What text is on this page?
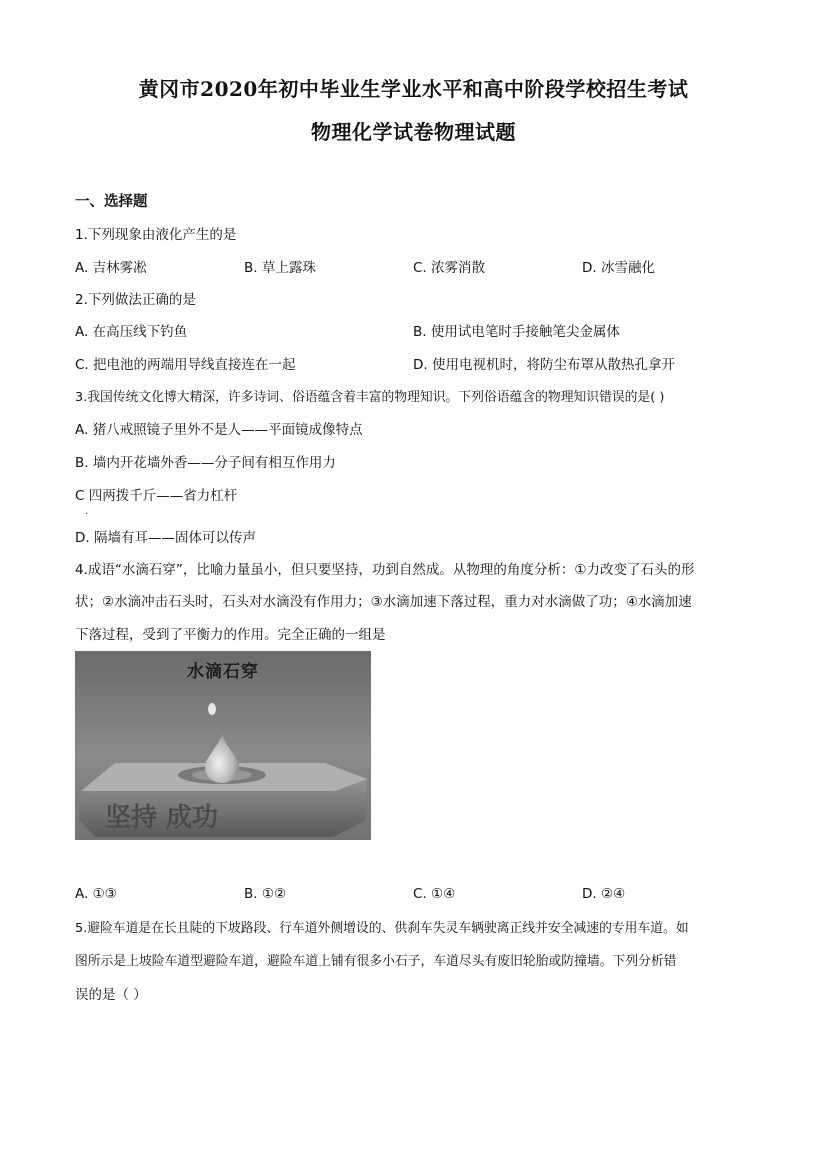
黄冈市2020年初中毕业生学业水平和高中阶段学校招生考试
物理化学试卷物理试题
一、选择题
1.下列现象由液化产生的是
A. 吉林雾凇	B. 草上露珠	C. 浓雾消散	D. 冰雪融化
2.下列做法正确的是
A. 在高压线下钓鱼	B. 使用试电笔时手接触笔尖金属体
C. 把电池的两端用导线直接连在一起	D. 使用电视机时，将防尘布罩从散热孔拿开
3.我国传统文化博大精深，许多诗词、俗语蕴含着丰富的物理知识。下列俗语蕴含的物理知识错误的是( )
A. 猪八戒照镜子里外不是人——平面镜成像特点
B. 墙内开花墙外香——分子间有相互作用力
C 四两拨千斤——省力杠杆
.
D. 隔墙有耳——固体可以传声
4.成语“水滴石穿”，比喻力量虽小，但只要坚持，功到自然成。从物理的角度分析：①力改变了石头的形
状；②水滴冲击石头时，石头对水滴没有作用力；③水滴加速下落过程，重力对水滴做了功；④水滴加速
下落过程，受到了平衡力的作用。完全正确的一组是
水滴石穿
坚持 成功
A. ①③	B. ①②	C. ①④	D. ②④
5.避险车道是在长且陡的下坡路段、行车道外侧增设的、供刹车失灵车辆驶离正线并安全减速的专用车道。如
图所示是上坡险车道型避险车道，避险车道上铺有很多小石子，车道尽头有废旧轮胎或防撞墙。下列分析错
误的是（ ）
